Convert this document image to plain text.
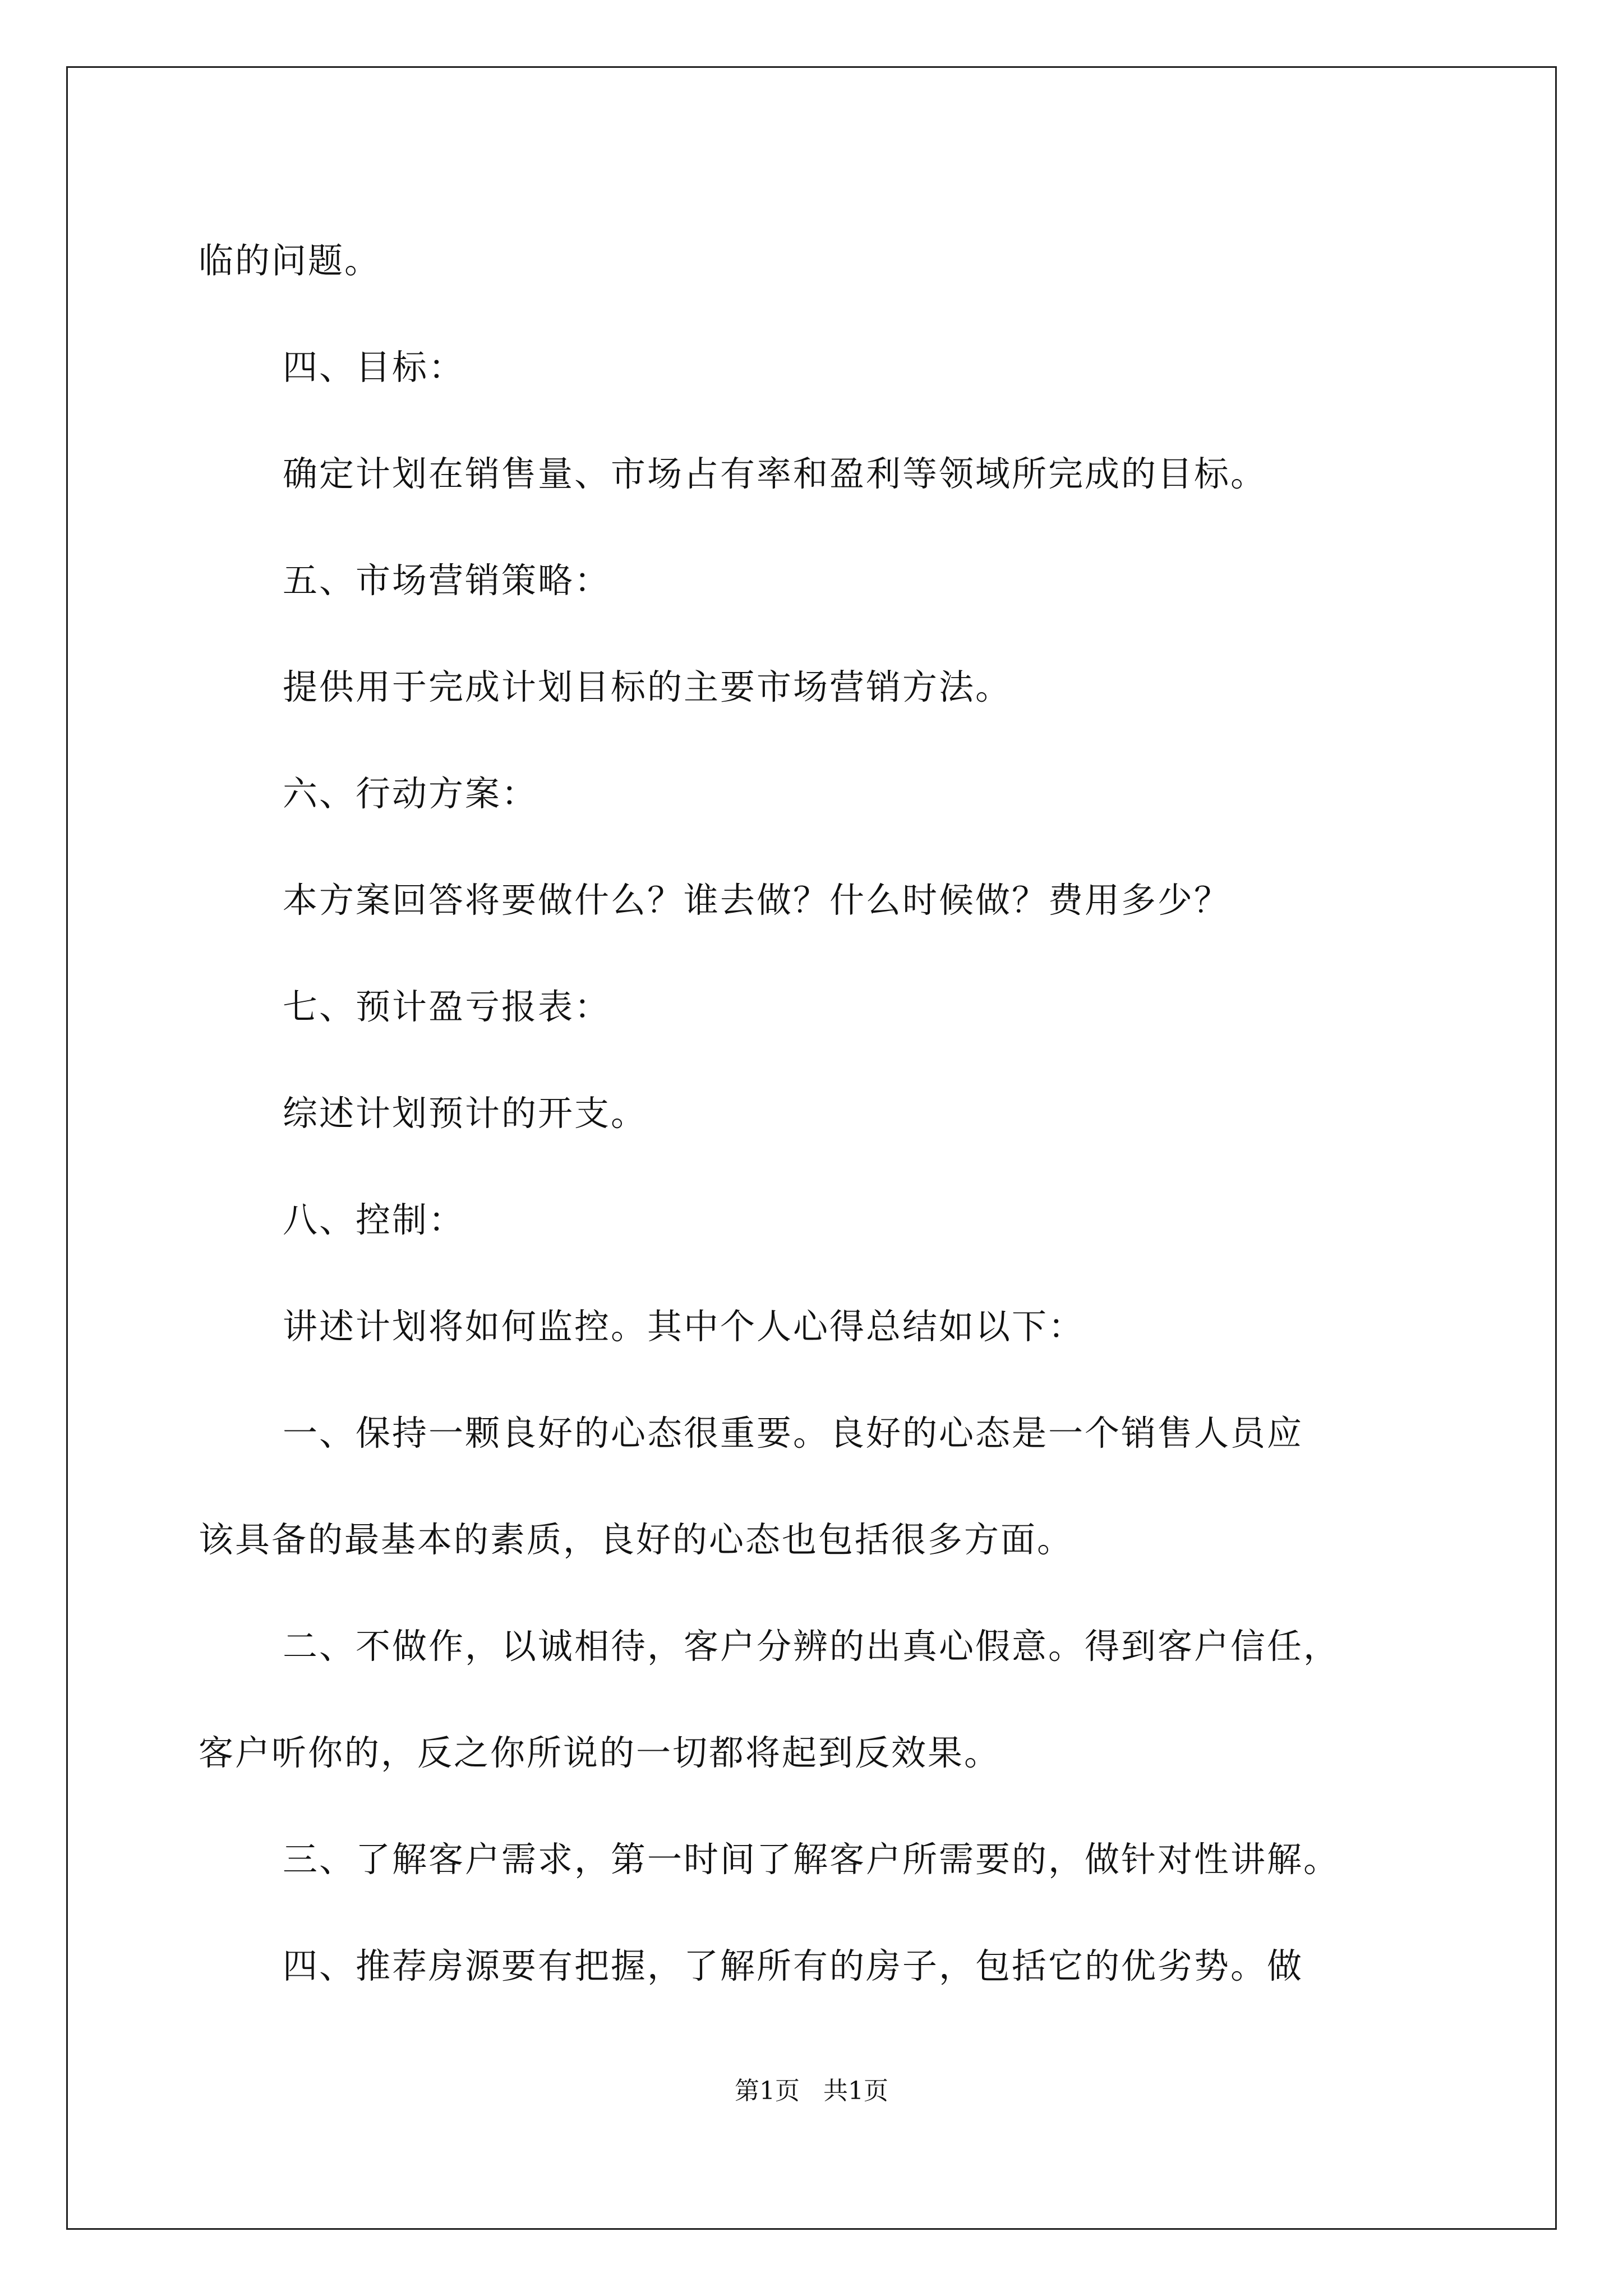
临的问题。
四、目标：
确定计划在销售量、市场占有率和盈利等领域所完成的目标。
五、市场营销策略：
提供用于完成计划目标的主要市场营销方法。
六、行动方案：
本方案回答将要做什么？谁去做？什么时候做？费用多少？
七、预计盈亏报表：
综述计划预计的开支。
八、控制：
讲述计划将如何监控。其中个人心得总结如以下：
一、保持一颗良好的心态很重要。良好的心态是一个销售人员应
该具备的最基本的素质，良好的心态也包括很多方面。
二、不做作，以诚相待，客户分辨的出真心假意。得到客户信任，
客户听你的，反之你所说的一切都将起到反效果。
三、了解客户需求，第一时间了解客户所需要的，做针对性讲解。
四、推荐房源要有把握，了解所有的房子，包括它的优劣势。做
第1页   共1页
